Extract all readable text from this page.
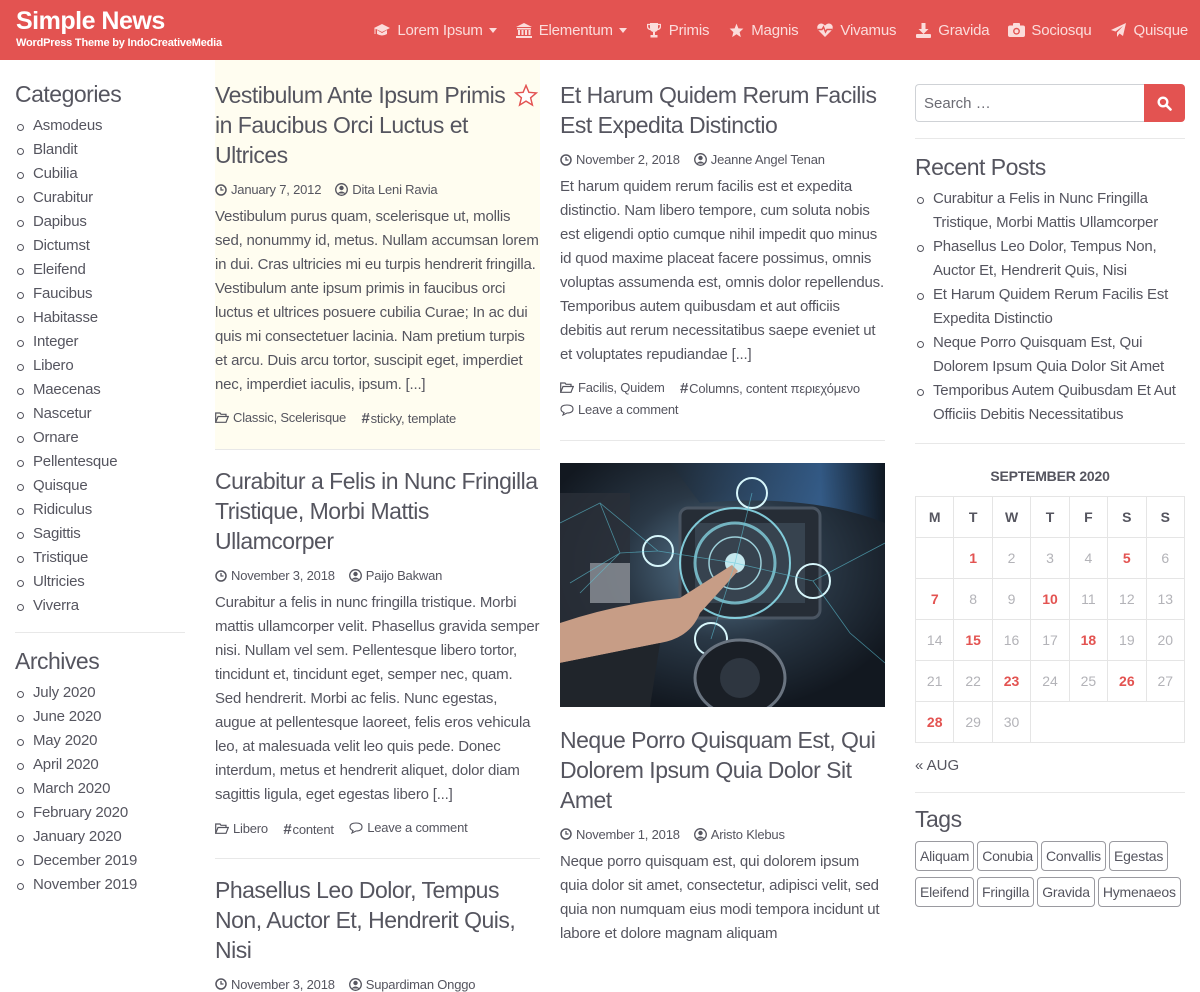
Simple News
WordPress Theme by IndoCreativeMedia
Lorem Ipsum	Elementum	Primis	Magnis	Vivamus	Gravida	Sociosqu	Quisque
Categories
Asmodeus
Blandit
Cubilia
Curabitur
Dapibus
Dictumst
Eleifend
Faucibus
Habitasse
Integer
Libero
Maecenas
Nascetur
Ornare
Pellentesque
Quisque
Ridiculus
Sagittis
Tristique
Ultricies
Viverra
Archives
July 2020
June 2020
May 2020
April 2020
March 2020
February 2020
January 2020
December 2019
November 2019
Vestibulum Ante Ipsum Primis in Faucibus Orci Luctus et Ultrices
January 7, 2012 Dita Leni Ravia

Vestibulum purus quam, scelerisque ut, mollis sed, nonummy id, metus. Nullam accumsan lorem in dui. Cras ultricies mi eu turpis hendrerit fringilla. Vestibulum ante ipsum primis in faucibus orci luctus et ultrices posuere cubilia Curae; In ac dui quis mi consectetuer lacinia. Nam pretium turpis et arcu. Duis arcu tortor, suscipit eget, imperdiet nec, imperdiet iaculis, ipsum. [...]

Classic, Scelerisque
# sticky, template
Curabitur a Felis in Nunc Fringilla Tristique, Morbi Mattis Ullamcorper
November 3, 2018 Paijo Bakwan

Curabitur a felis in nunc fringilla tristique. Morbi mattis ullamcorper velit. Phasellus gravida semper nisi. Nullam vel sem. Pellentesque libero tortor, tincidunt et, tincidunt eget, semper nec, quam. Sed hendrerit. Morbi ac felis. Nunc egestas, augue at pellentesque laoreet, felis eros vehicula leo, at malesuada velit leo quis pede. Donec interdum, metus et hendrerit aliquet, dolor diam sagittis ligula, eget egestas libero [...]

Libero
# content
	Leave a comment
Phasellus Leo Dolor, Tempus Non, Auctor Et, Hendrerit Quis, Nisi
November 3, 2018 Supardiman Onggo
Et Harum Quidem Rerum Facilis Est Expedita Distinctio
November 2, 2018 Jeanne Angel Tenan

Et harum quidem rerum facilis est et expedita distinctio. Nam libero tempore, cum soluta nobis est eligendi optio cumque nihil impedit quo minus id quod maxime placeat facere possimus, omnis voluptas assumenda est, omnis dolor repellendus. Temporibus autem quibusdam et aut officiis debitis aut rerum necessitatibus saepe eveniet ut et voluptates repudiandae [...]

Facilis, Quidem
# Columns, content περιεχόμενο

Leave a comment
Neque Porro Quisquam Est, Qui Dolorem Ipsum Quia Dolor Sit Amet
November 1, 2018 Aristo Klebus

Neque porro quisquam est, qui dolorem ipsum quia dolor sit amet, consectetur, adipisci velit, sed quia non numquam eius modi tempora incidunt ut labore et dolore magnam aliquam

Search …
Recent Posts
Curabitur a Felis in Nunc Fringilla Tristique, Morbi Mattis Ullamcorper
Phasellus Leo Dolor, Tempus Non, Auctor Et, Hendrerit Quis, Nisi
Et Harum Quidem Rerum Facilis Est Expedita Distinctio
Neque Porro Quisquam Est, Qui Dolorem Ipsum Quia Dolor Sit Amet
Temporibus Autem Quibusdam Et Aut Officiis Debitis Necessitatibus
SEPTEMBER 2020
M	T	W	T	F	S	S
	1	2	3	4	5	6
7	8	9	10	11	12	13
14	15	16	17	18	19	20
21	22	23	24	25	26	27
28	29	30				
« AUG
Tags
Aliquam Conubia Convallis Egestas
Eleifend Fringilla Gravida Hymenaeos
